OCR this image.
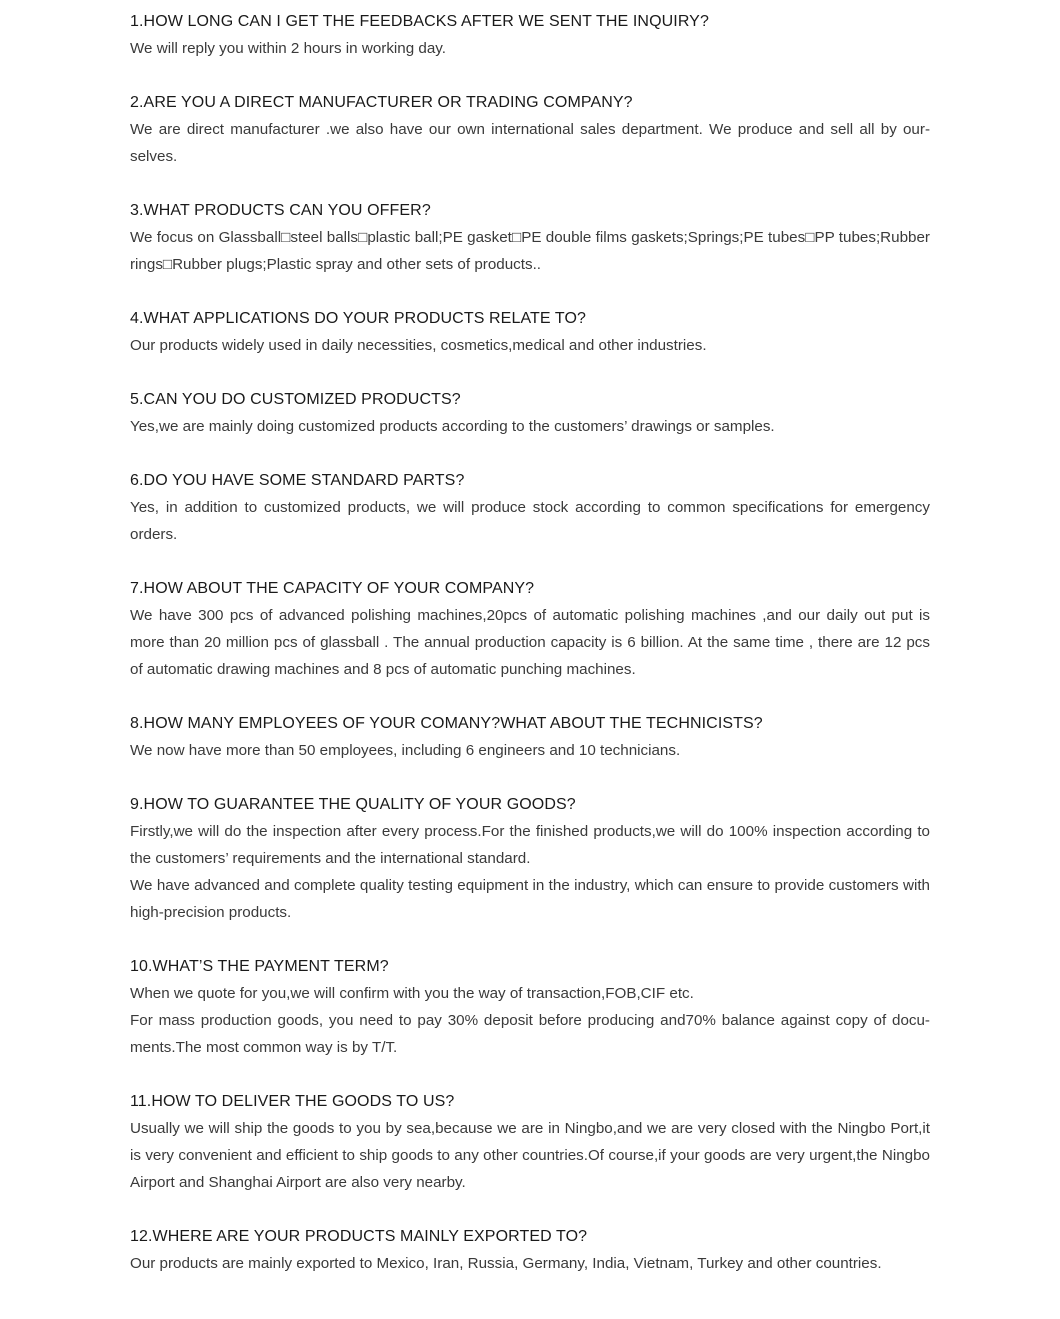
1.HOW LONG CAN I GET THE FEEDBACKS AFTER WE SENT THE INQUIRY?

We will reply you within 2 hours in working day.

2.ARE YOU A DIRECT MANUFACTURER OR TRADING COMPANY?

We are direct manufacturer .we also have our own international sales department. We produce and sell all by our-selves.

3.WHAT PRODUCTS CAN YOU OFFER?

We focus on Glassball□steel balls□plastic ball;PE gasket□PE double films gaskets;Springs;PE tubes□PP tubes;Rubber rings□Rubber plugs;Plastic spray and other sets of products..

4.WHAT APPLICATIONS DO YOUR PRODUCTS RELATE TO?

Our products widely used in daily necessities, cosmetics,medical and other industries.

5.CAN YOU DO CUSTOMIZED PRODUCTS?

Yes,we are mainly doing customized products according to the customers’ drawings or samples.

6.DO YOU HAVE SOME STANDARD PARTS?

Yes, in addition to customized products, we will produce stock according to common specifications for emergency orders.

7.HOW ABOUT THE CAPACITY OF YOUR COMPANY?

We have 300 pcs of advanced polishing machines,20pcs of automatic polishing machines ,and our daily out put is more than 20 million pcs of glassball . The annual production capacity is 6 billion. At the same time , there are 12 pcs of automatic drawing machines and 8 pcs of automatic punching machines.

8.HOW MANY EMPLOYEES OF YOUR COMANY?WHAT ABOUT THE TECHNICISTS?

We now have more than 50 employees, including 6 engineers and 10 technicians.

9.HOW TO GUARANTEE THE QUALITY OF YOUR GOODS?

Firstly,we will do the inspection after every process.For the finished products,we will do 100% inspection according to the customers’ requirements and the international standard.

We have advanced and complete quality testing equipment in the industry, which can ensure to provide customers with high-precision products.

10.WHAT’S THE PAYMENT TERM?

When we quote for you,we will confirm with you the way of transaction,FOB,CIF etc.

For mass production goods, you need to pay 30% deposit before producing and70% balance against copy of docu-ments.The most common way is by T/T.

11.HOW TO DELIVER THE GOODS TO US?

Usually we will ship the goods to you by sea,because we are in Ningbo,and we are very closed with the Ningbo Port,it is very convenient and efficient to ship goods to any other countries.Of course,if your goods are very urgent,the Ningbo Airport and Shanghai Airport are also very nearby.

12.WHERE ARE YOUR PRODUCTS MAINLY EXPORTED TO?

Our products are mainly exported to Mexico, Iran, Russia, Germany, India, Vietnam, Turkey and other countries.
